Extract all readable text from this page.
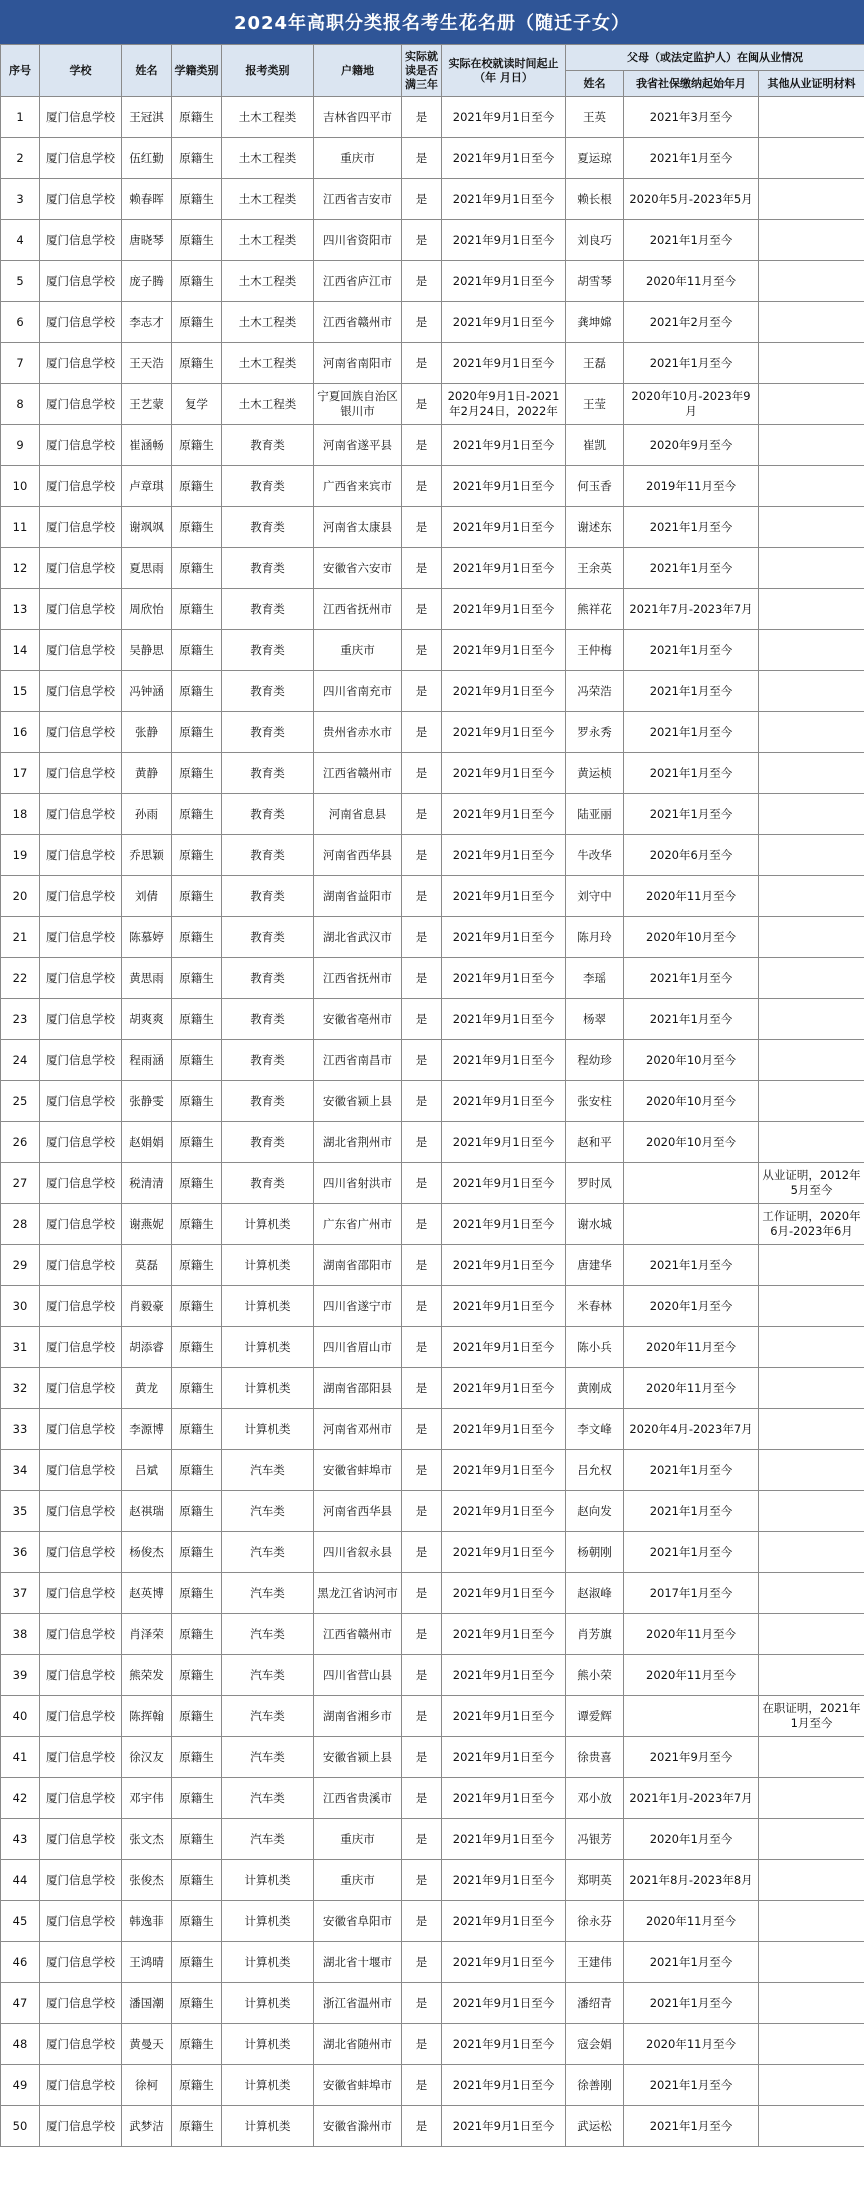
2024年高职分类报名考生花名册（随迁子女）
序号	学校	姓名	学籍类别	报考类别	户籍地	实际就读是否满三年	实际在校就读时间起止（年 月日）	父母（或法定监护人）在闽从业情况		
								姓名	我省社保缴纳起始年月	其他从业证明材料
1	厦门信息学校	王冠淇	原籍生	土木工程类	吉林省四平市	是	2021年9月1日至今	王英	2021年3月至今	
2	厦门信息学校	伍红勤	原籍生	土木工程类	重庆市	是	2021年9月1日至今	夏运琼	2021年1月至今	
3	厦门信息学校	赖春晖	原籍生	土木工程类	江西省吉安市	是	2021年9月1日至今	赖长根	2020年5月-2023年5月	
4	厦门信息学校	唐晓琴	原籍生	土木工程类	四川省资阳市	是	2021年9月1日至今	刘良巧	2021年1月至今	
5	厦门信息学校	庞子腾	原籍生	土木工程类	江西省庐江市	是	2021年9月1日至今	胡雪琴	2020年11月至今	
6	厦门信息学校	李志才	原籍生	土木工程类	江西省赣州市	是	2021年9月1日至今	龚坤嫦	2021年2月至今	
7	厦门信息学校	王天浩	原籍生	土木工程类	河南省南阳市	是	2021年9月1日至今	王磊	2021年1月至今	
8	厦门信息学校	王艺蒙	复学	土木工程类	宁夏回族自治区银川市	是	2020年9月1日-2021年2月24日，2022年	王莹	2020年10月-2023年9月	
9	厦门信息学校	崔涵畅	原籍生	教育类	河南省遂平县	是	2021年9月1日至今	崔凯	2020年9月至今	
10	厦门信息学校	卢章琪	原籍生	教育类	广西省来宾市	是	2021年9月1日至今	何玉香	2019年11月至今	
11	厦门信息学校	谢飒飒	原籍生	教育类	河南省太康县	是	2021年9月1日至今	谢述东	2021年1月至今	
12	厦门信息学校	夏思雨	原籍生	教育类	安徽省六安市	是	2021年9月1日至今	王余英	2021年1月至今	
13	厦门信息学校	周欣怡	原籍生	教育类	江西省抚州市	是	2021年9月1日至今	熊祥花	2021年7月-2023年7月	
14	厦门信息学校	吴静思	原籍生	教育类	重庆市	是	2021年9月1日至今	王仲梅	2021年1月至今	
15	厦门信息学校	冯钟涵	原籍生	教育类	四川省南充市	是	2021年9月1日至今	冯荣浩	2021年1月至今	
16	厦门信息学校	张静	原籍生	教育类	贵州省赤水市	是	2021年9月1日至今	罗永秀	2021年1月至今	
17	厦门信息学校	黄静	原籍生	教育类	江西省赣州市	是	2021年9月1日至今	黄运桢	2021年1月至今	
18	厦门信息学校	孙雨	原籍生	教育类	河南省息县	是	2021年9月1日至今	陆亚丽	2021年1月至今	
19	厦门信息学校	乔思颖	原籍生	教育类	河南省西华县	是	2021年9月1日至今	牛改华	2020年6月至今	
20	厦门信息学校	刘倩	原籍生	教育类	湖南省益阳市	是	2021年9月1日至今	刘守中	2020年11月至今	
21	厦门信息学校	陈慕婷	原籍生	教育类	湖北省武汉市	是	2021年9月1日至今	陈月玲	2020年10月至今	
22	厦门信息学校	黄思雨	原籍生	教育类	江西省抚州市	是	2021年9月1日至今	李瑶	2021年1月至今	
23	厦门信息学校	胡爽爽	原籍生	教育类	安徽省亳州市	是	2021年9月1日至今	杨翠	2021年1月至今	
24	厦门信息学校	程雨涵	原籍生	教育类	江西省南昌市	是	2021年9月1日至今	程幼珍	2020年10月至今	
25	厦门信息学校	张静雯	原籍生	教育类	安徽省颍上县	是	2021年9月1日至今	张安柱	2020年10月至今	
26	厦门信息学校	赵娟娟	原籍生	教育类	湖北省荆州市	是	2021年9月1日至今	赵和平	2020年10月至今	
27	厦门信息学校	税清清	原籍生	教育类	四川省射洪市	是	2021年9月1日至今	罗时凤		从业证明，2012年5月至今
28	厦门信息学校	谢燕妮	原籍生	计算机类	广东省广州市	是	2021年9月1日至今	谢水城		工作证明，2020年6月-2023年6月
29	厦门信息学校	莫磊	原籍生	计算机类	湖南省邵阳市	是	2021年9月1日至今	唐建华	2021年1月至今	
30	厦门信息学校	肖毅豪	原籍生	计算机类	四川省遂宁市	是	2021年9月1日至今	米春林	2020年1月至今	
31	厦门信息学校	胡添睿	原籍生	计算机类	四川省眉山市	是	2021年9月1日至今	陈小兵	2020年11月至今	
32	厦门信息学校	黄龙	原籍生	计算机类	湖南省邵阳县	是	2021年9月1日至今	黄刚成	2020年11月至今	
33	厦门信息学校	李源博	原籍生	计算机类	河南省邓州市	是	2021年9月1日至今	李文峰	2020年4月-2023年7月	
34	厦门信息学校	吕斌	原籍生	汽车类	安徽省蚌埠市	是	2021年9月1日至今	吕允权	2021年1月至今	
35	厦门信息学校	赵祺瑞	原籍生	汽车类	河南省西华县	是	2021年9月1日至今	赵向发	2021年1月至今	
36	厦门信息学校	杨俊杰	原籍生	汽车类	四川省叙永县	是	2021年9月1日至今	杨朝刚	2021年1月至今	
37	厦门信息学校	赵英博	原籍生	汽车类	黑龙江省讷河市	是	2021年9月1日至今	赵淑峰	2017年1月至今	
38	厦门信息学校	肖泽荣	原籍生	汽车类	江西省赣州市	是	2021年9月1日至今	肖芳旗	2020年11月至今	
39	厦门信息学校	熊荣发	原籍生	汽车类	四川省营山县	是	2021年9月1日至今	熊小荣	2020年11月至今	
40	厦门信息学校	陈挥翰	原籍生	汽车类	湖南省湘乡市	是	2021年9月1日至今	谭爱辉		在职证明，2021年1月至今
41	厦门信息学校	徐汉友	原籍生	汽车类	安徽省颍上县	是	2021年9月1日至今	徐贵喜	2021年9月至今	
42	厦门信息学校	邓宇伟	原籍生	汽车类	江西省贵溪市	是	2021年9月1日至今	邓小放	2021年1月-2023年7月	
43	厦门信息学校	张文杰	原籍生	汽车类	重庆市	是	2021年9月1日至今	冯银芳	2020年1月至今	
44	厦门信息学校	张俊杰	原籍生	计算机类	重庆市	是	2021年9月1日至今	郑明英	2021年8月-2023年8月	
45	厦门信息学校	韩逸菲	原籍生	计算机类	安徽省阜阳市	是	2021年9月1日至今	徐永芬	2020年11月至今	
46	厦门信息学校	王鸿晴	原籍生	计算机类	湖北省十堰市	是	2021年9月1日至今	王建伟	2021年1月至今	
47	厦门信息学校	潘国潮	原籍生	计算机类	浙江省温州市	是	2021年9月1日至今	潘绍青	2021年1月至今	
48	厦门信息学校	黄曼天	原籍生	计算机类	湖北省随州市	是	2021年9月1日至今	寇会娟	2020年11月至今	
49	厦门信息学校	徐柯	原籍生	计算机类	安徽省蚌埠市	是	2021年9月1日至今	徐善刚	2021年1月至今	
50	厦门信息学校	武梦洁	原籍生	计算机类	安徽省滁州市	是	2021年9月1日至今	武运松	2021年1月至今	
